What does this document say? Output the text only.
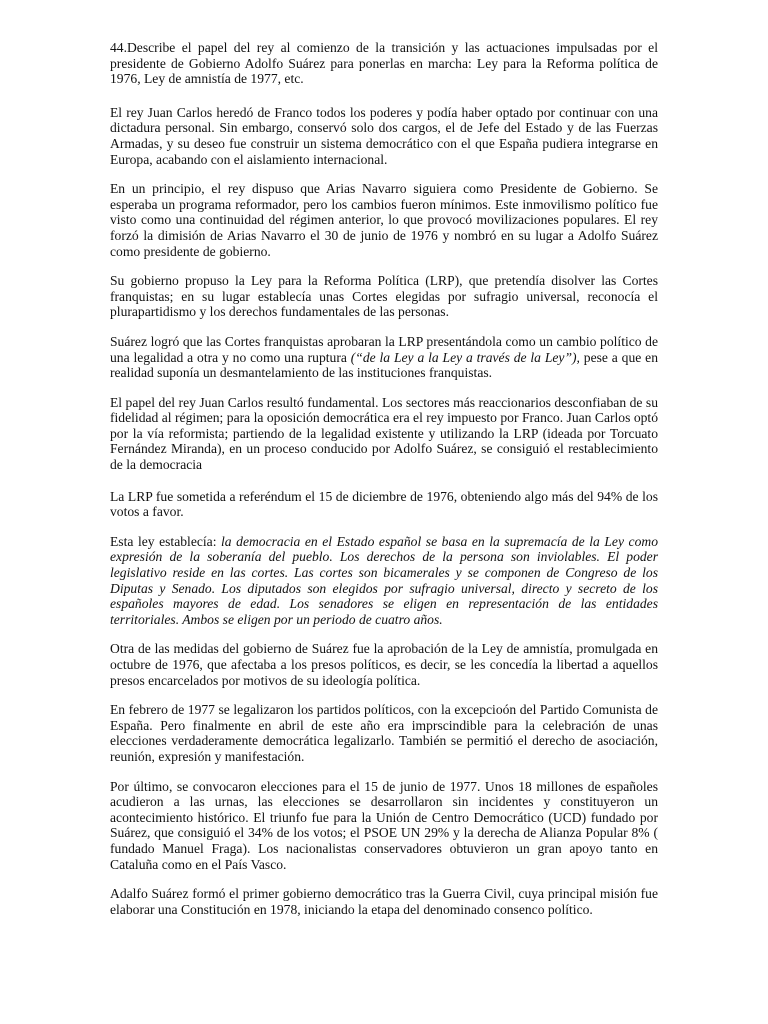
44.Describe el papel del rey al comienzo de la transición y las actuaciones impulsadas por el presidente de Gobierno Adolfo Suárez para ponerlas en marcha: Ley para la Reforma política de 1976, Ley de amnistía de 1977, etc.

El rey Juan Carlos heredó de Franco todos los poderes y podía haber optado por continuar con una dictadura personal. Sin embargo, conservó solo dos cargos, el de Jefe del Estado y de las Fuerzas Armadas, y su deseo fue construir un sistema democrático con el que España pudiera integrarse en Europa, acabando con el aislamiento internacional.

En un principio, el rey dispuso que Arias Navarro siguiera como Presidente de Gobierno. Se esperaba un programa reformador, pero los cambios fueron mínimos. Este inmovilismo político fue visto como una continuidad del régimen anterior, lo que provocó movilizaciones populares. El rey forzó la dimisión de Arias Navarro el 30 de junio de 1976 y nombró en su lugar a Adolfo Suárez como presidente de gobierno.

Su gobierno propuso la Ley para la Reforma Política (LRP), que pretendía disolver las Cortes franquistas; en su lugar establecía unas Cortes elegidas por sufragio universal, reconocía el plurapartidismo y los derechos fundamentales de las personas.

Suárez logró que las Cortes franquistas aprobaran la LRP presentándola como un cambio político de una legalidad a otra y no como una ruptura (“de la Ley a la Ley a través de la Ley”), pese a que en realidad suponía un desmantelamiento de las instituciones franquistas.

El papel del rey Juan Carlos resultó fundamental. Los sectores más reaccionarios desconfiaban de su fidelidad al régimen; para la oposición democrática era el rey impuesto por Franco. Juan Carlos optó por la vía reformista; partiendo de la legalidad existente y utilizando la LRP (ideada por Torcuato Fernández Miranda), en un proceso conducido por Adolfo Suárez, se consiguió el restablecimiento de la democracia

La LRP fue sometida a referéndum el 15 de diciembre de 1976, obteniendo algo más del 94% de los votos a favor.

Esta ley establecía: la democracia en el Estado español se basa en la supremacía de la Ley como expresión de la soberanía del pueblo. Los derechos de la persona son inviolables. El poder legislativo reside en las cortes. Las cortes son bicamerales y se componen de Congreso de los Diputas y Senado. Los diputados son elegidos por sufragio universal, directo y secreto de los españoles mayores de edad. Los senadores se eligen en representación de las entidades territoriales. Ambos se eligen por un periodo de cuatro años.

Otra de las medidas del gobierno de Suárez fue la aprobación de la Ley de amnistía, promulgada en octubre de 1976, que afectaba a los presos políticos, es decir, se les concedía la libertad a aquellos presos encarcelados por motivos de su ideología política.

En febrero de 1977 se legalizaron los partidos políticos, con la excepcioón del Partido Comunista de España. Pero finalmente en abril de este año era imprscindible para la celebración de unas elecciones verdaderamente democrática legalizarlo. También se permitió el derecho de asociación, reunión, expresión y manifestación.

Por último, se convocaron elecciones para el 15 de junio de 1977. Unos 18 millones de españoles acudieron a las urnas, las elecciones se desarrollaron sin incidentes y constituyeron un acontecimiento histórico. El triunfo fue para la Unión de Centro Democrático (UCD) fundado por Suárez, que consiguió el 34% de los votos; el PSOE UN 29% y la derecha de Alianza Popular 8% ( fundado Manuel Fraga). Los nacionalistas conservadores obtuvieron un gran apoyo tanto en Cataluña como en el País Vasco.

Adalfo Suárez formó el primer gobierno democrático tras la Guerra Civil, cuya principal misión fue elaborar una Constitución en 1978, iniciando la etapa del denominado consenco político.
